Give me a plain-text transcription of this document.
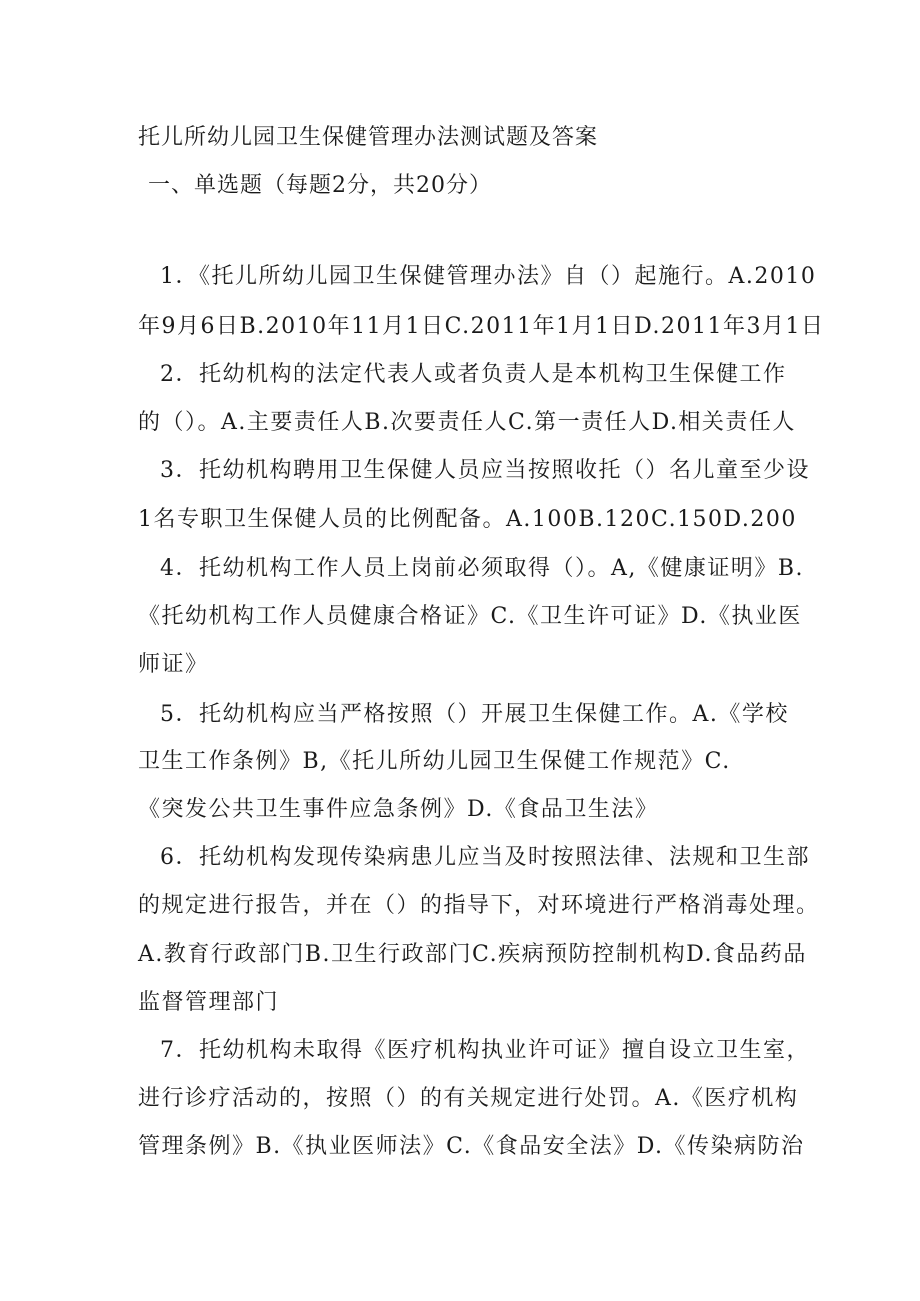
托儿所幼儿园卫生保健管理办法测试题及答案
一、单选题（每题2分，共20分）
1．《托儿所幼儿园卫生保健管理办法》自（）起施行。A.2010
年9月6日B.2010年11月1日C.2011年1月1日D.2011年3月1日
2．托幼机构的法定代表人或者负责人是本机构卫生保健工作
的（）。A.主要责任人B.次要责任人C.第一责任人D.相关责任人
3．托幼机构聘用卫生保健人员应当按照收托（）名儿童至少设
1名专职卫生保健人员的比例配备。A.100B.120C.150D.200
4．托幼机构工作人员上岗前必须取得（）。A,《健康证明》B.
《托幼机构工作人员健康合格证》C.《卫生许可证》D.《执业医
师证》
5．托幼机构应当严格按照（）开展卫生保健工作。A.《学校
卫生工作条例》B,《托儿所幼儿园卫生保健工作规范》C.
《突发公共卫生事件应急条例》D.《食品卫生法》
6．托幼机构发现传染病患儿应当及时按照法律、法规和卫生部
的规定进行报告，并在（）的指导下，对环境进行严格消毒处理。
A.教育行政部门B.卫生行政部门C.疾病预防控制机构D.食品药品
监督管理部门
7．托幼机构未取得《医疗机构执业许可证》擅自设立卫生室，
进行诊疗活动的，按照（）的有关规定进行处罚。A.《医疗机构
管理条例》B.《执业医师法》C.《食品安全法》D.《传染病防治
